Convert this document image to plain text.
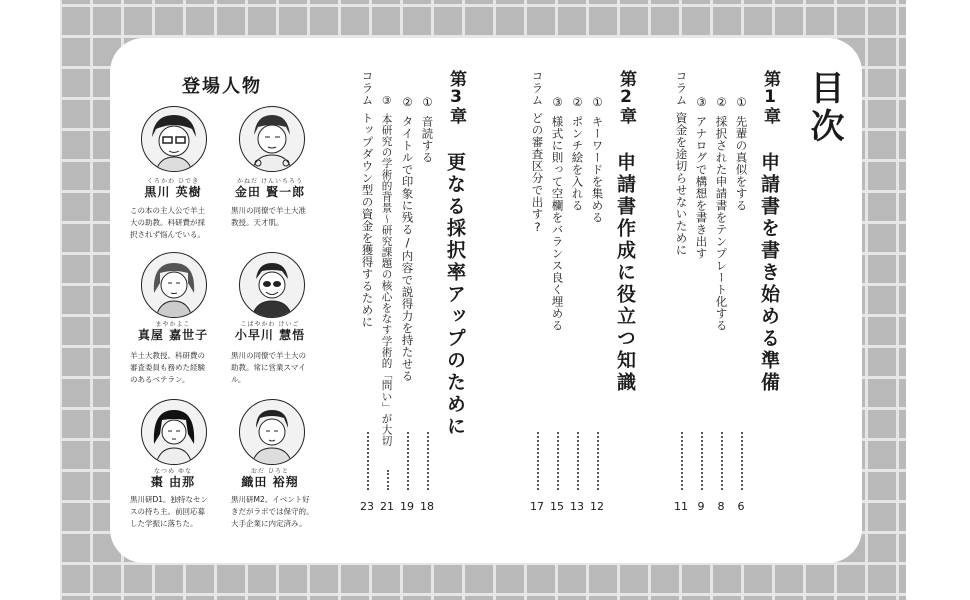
目次
第1章
申請書を書き始める準備
①先輩の真似をする
②採択された申請書をテンプレート化する
③アナログで構想を書き出す
コラム資金を途切らせないために
6
8
9
11
第2章
申請書作成に役立つ知識
①キーワードを集める
②ポンチ絵を入れる
③様式に則って空欄をバランス良く埋める
コラムどの審査区分で出す?
12
13
15
17
第3章
更なる採択率アップのために
①音読する
②タイトルで印象に残る/内容で説得力を持たせる
③本研究の学術的背景〜研究課題の核心をなす学術的「問い」が大切
コラムトップダウン型の資金を獲得するために
18
19
21
23
登場人物
くろかわ ひでき
黒川 英樹
かねだ けんいちろう
金田 賢一郎
この本の主人公で羊土
大の助教。科研費が採
択されず悩んでいる。
黒川の同僚で羊土大准
教授。天才肌。
まやかよこ
真屋 嘉世子
こばやかわ けいご
小早川 慧悟
羊土大教授。科研費の
審査委員も務めた経験
のあるベテラン。
黒川の同僚で羊土大の
助教。常に営業スマイ
ル。
なつめ ゆな
棗 由那
おだ ひろと
織田 裕翔
黒川研D1。独特なセン
スの持ち主。前回応募
した学振に落ちた。
黒川研M2。イベント好
きだがラボでは保守的。
大手企業に内定済み。
